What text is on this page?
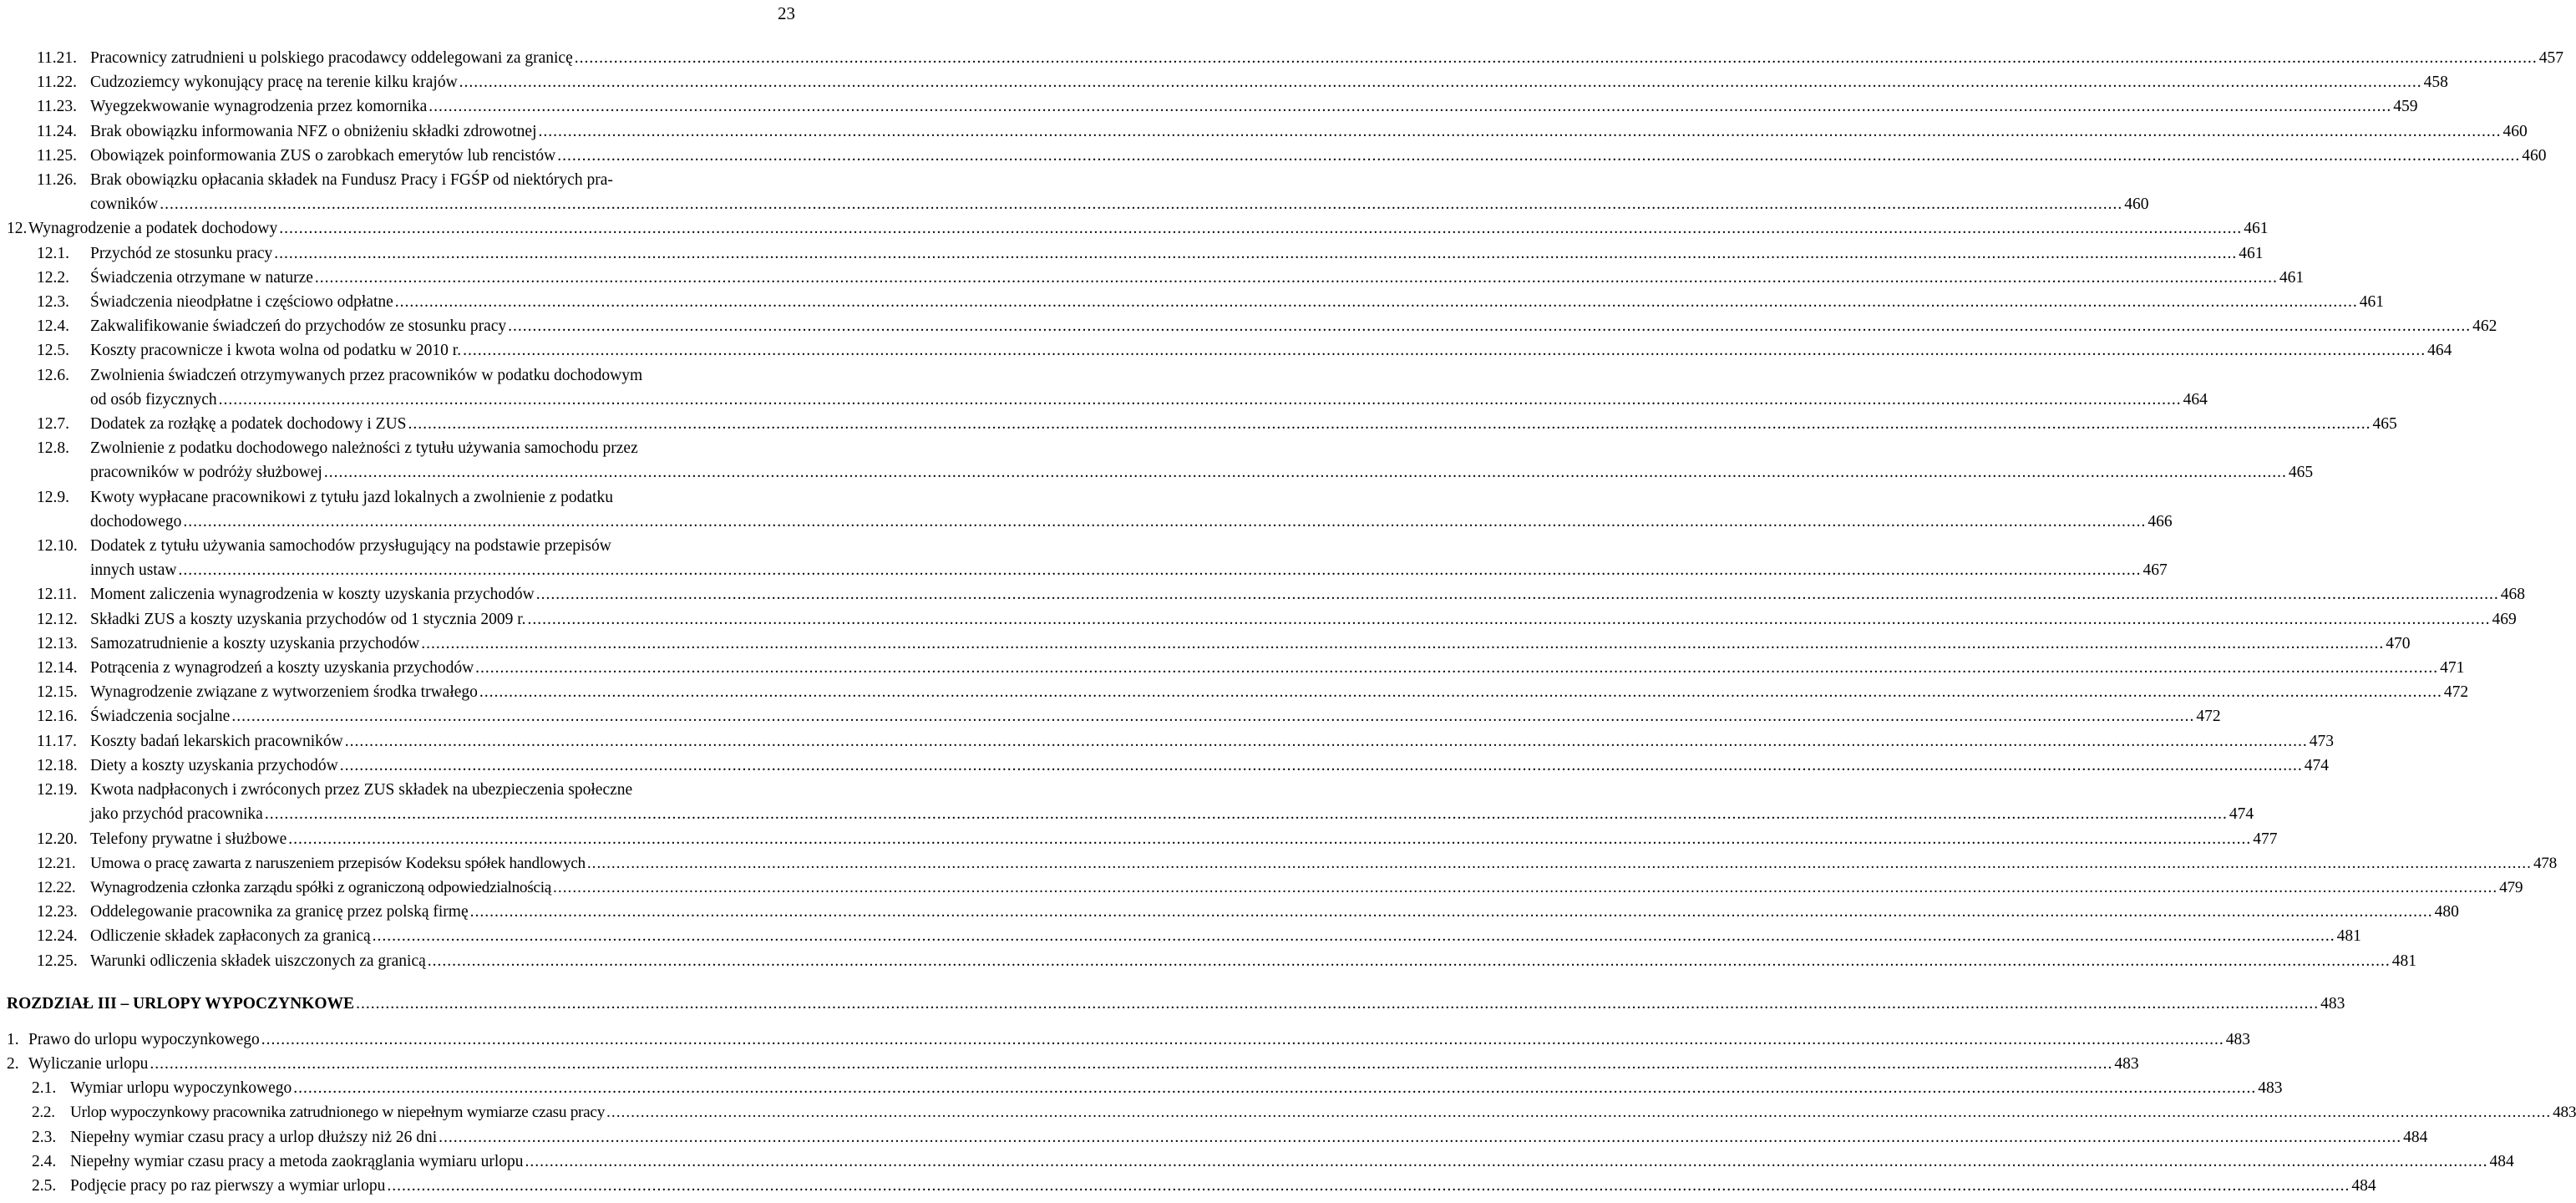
23
11.21. Pracownicy zatrudnieni u polskiego pracodawcy oddelegowani za granicę ................................................................................................................................................................................................................................................................................................................................................................................................................ 457
11.22. Cudzoziemcy wykonujący pracę na terenie kilku krajów ................................................................................................................................................................................................................................................................................................................................................................................................................ 458
11.23. Wyegzekwowanie wynagrodzenia przez komornika ................................................................................................................................................................................................................................................................................................................................................................................................................ 459
11.24. Brak obowiązku informowania NFZ o obniżeniu składki zdrowotnej ................................................................................................................................................................................................................................................................................................................................................................................................................ 460
11.25. Obowiązek poinformowania ZUS o zarobkach emerytów lub rencistów ................................................................................................................................................................................................................................................................................................................................................................................................................ 460
11.26. Brak obowiązku opłacania składek na Fundusz Pracy i FGŚP od niektórych pra-
cowników ................................................................................................................................................................................................................................................................................................................................................................................................................ 460
12. Wynagrodzenie a podatek dochodowy ................................................................................................................................................................................................................................................................................................................................................................................................................ 461
12.1. Przychód ze stosunku pracy ................................................................................................................................................................................................................................................................................................................................................................................................................ 461
12.2. Świadczenia otrzymane w naturze ................................................................................................................................................................................................................................................................................................................................................................................................................ 461
12.3. Świadczenia nieodpłatne i częściowo odpłatne ................................................................................................................................................................................................................................................................................................................................................................................................................ 461
12.4. Zakwalifikowanie świadczeń do przychodów ze stosunku pracy ................................................................................................................................................................................................................................................................................................................................................................................................................ 462
12.5. Koszty pracownicze i kwota wolna od podatku w 2010 r. ................................................................................................................................................................................................................................................................................................................................................................................................................ 464
12.6. Zwolnienia świadczeń otrzymywanych przez pracowników w podatku dochodowym
od osób fizycznych ................................................................................................................................................................................................................................................................................................................................................................................................................ 464
12.7. Dodatek za rozłąkę a podatek dochodowy i ZUS ................................................................................................................................................................................................................................................................................................................................................................................................................ 465
12.8. Zwolnienie z podatku dochodowego należności z tytułu używania samochodu przez
pracowników w podróży służbowej ................................................................................................................................................................................................................................................................................................................................................................................................................ 465
12.9. Kwoty wypłacane pracownikowi z tytułu jazd lokalnych a zwolnienie z podatku
dochodowego ................................................................................................................................................................................................................................................................................................................................................................................................................ 466
12.10. Dodatek z tytułu używania samochodów przysługujący na podstawie przepisów
innych ustaw ................................................................................................................................................................................................................................................................................................................................................................................................................ 467
12.11. Moment zaliczenia wynagrodzenia w koszty uzyskania przychodów ................................................................................................................................................................................................................................................................................................................................................................................................................ 468
12.12. Składki ZUS a koszty uzyskania przychodów od 1 stycznia 2009 r. ................................................................................................................................................................................................................................................................................................................................................................................................................ 469
12.13. Samozatrudnienie a koszty uzyskania przychodów ................................................................................................................................................................................................................................................................................................................................................................................................................ 470
12.14. Potrącenia z wynagrodzeń a koszty uzyskania przychodów ................................................................................................................................................................................................................................................................................................................................................................................................................ 471
12.15. Wynagrodzenie związane z wytworzeniem środka trwałego ................................................................................................................................................................................................................................................................................................................................................................................................................ 472
12.16. Świadczenia socjalne ................................................................................................................................................................................................................................................................................................................................................................................................................ 472
11.17. Koszty badań lekarskich pracowników ................................................................................................................................................................................................................................................................................................................................................................................................................ 473
12.18. Diety a koszty uzyskania przychodów ................................................................................................................................................................................................................................................................................................................................................................................................................ 474
12.19. Kwota nadpłaconych i zwróconych przez ZUS składek na ubezpieczenia społeczne
jako przychód pracownika ................................................................................................................................................................................................................................................................................................................................................................................................................ 474
12.20. Telefony prywatne i służbowe ................................................................................................................................................................................................................................................................................................................................................................................................................ 477
12.21. Umowa o pracę zawarta z naruszeniem przepisów Kodeksu spółek handlowych ................................................................................................................................................................................................................................................................................................................................................................................................................ 478
12.22. Wynagrodzenia członka zarządu spółki z ograniczoną odpowiedzialnością ................................................................................................................................................................................................................................................................................................................................................................................................................ 479
12.23. Oddelegowanie pracownika za granicę przez polską firmę ................................................................................................................................................................................................................................................................................................................................................................................................................ 480
12.24. Odliczenie składek zapłaconych za granicą ................................................................................................................................................................................................................................................................................................................................................................................................................ 481
12.25. Warunki odliczenia składek uiszczonych za granicą ................................................................................................................................................................................................................................................................................................................................................................................................................ 481
ROZDZIAŁ III – URLOPY WYPOCZYNKOWE ................................................................................................................................................................................................................................................................................................................................................................................................................ 483
1. Prawo do urlopu wypoczynkowego ................................................................................................................................................................................................................................................................................................................................................................................................................ 483
2. Wyliczanie urlopu ................................................................................................................................................................................................................................................................................................................................................................................................................ 483
2.1. Wymiar urlopu wypoczynkowego ................................................................................................................................................................................................................................................................................................................................................................................................................ 483
2.2. Urlop wypoczynkowy pracownika zatrudnionego w niepełnym wymiarze czasu pracy ................................................................................................................................................................................................................................................................................................................................................................................................................ 483
2.3. Niepełny wymiar czasu pracy a urlop dłuższy niż 26 dni ................................................................................................................................................................................................................................................................................................................................................................................................................ 484
2.4. Niepełny wymiar czasu pracy a metoda zaokrąglania wymiaru urlopu ................................................................................................................................................................................................................................................................................................................................................................................................................ 484
2.5. Podjęcie pracy po raz pierwszy a wymiar urlopu ................................................................................................................................................................................................................................................................................................................................................................................................................ 484
